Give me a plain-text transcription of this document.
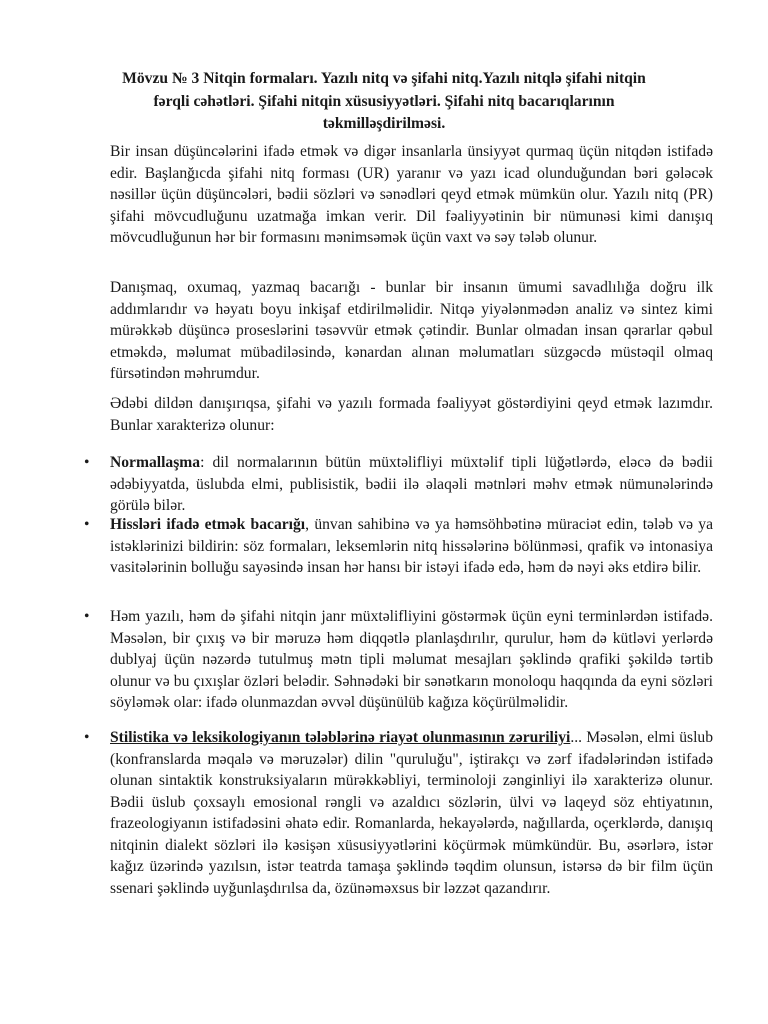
Mövzu № 3 Nitqin formaları. Yazılı nitq və şifahi nitq.Yazılı nitqlə şifahi nitqin fərqli cəhətləri. Şifahi nitqin xüsusiyyətləri. Şifahi nitq bacarıqlarının təkmilləşdirilməsi.

Bir insan düşüncələrini ifadə etmək və digər insanlarla ünsiyyət qurmaq üçün nitqdən istifadə edir. Başlanğıcda şifahi nitq forması (UR) yaranır və yazı icad olunduğundan bəri gələcək nəsillər üçün düşüncələri, bədii sözləri və sənədləri qeyd etmək mümkün olur. Yazılı nitq (PR) şifahi mövcudluğunu uzatmağa imkan verir. Dil fəaliyyətinin bir nümunəsi kimi danışıq mövcudluğunun hər bir formasını mənimsəmək üçün vaxt və səy tələb olunur.

Danışmaq, oxumaq, yazmaq bacarığı - bunlar bir insanın ümumi savadlılığa doğru ilk addımlarıdır və həyatı boyu inkişaf etdirilməlidir. Nitqə yiyələnmədən analiz və sintez kimi mürəkkəb düşüncə proseslərini təsəvvür etmək çətindir. Bunlar olmadan insan qərarlar qəbul etməkdə, məlumat mübadiləsində, kənardan alınan məlumatları süzgəcdə müstəqil olmaq fürsətindən məhrumdur.

Ədəbi dildən danışırıqsa, şifahi və yazılı formada fəaliyyət göstərdiyini qeyd etmək lazımdır. Bunlar xarakterizə olunur:

• Normallaşma: dil normalarının bütün müxtəlifliyi müxtəlif tipli lüğətlərdə, eləcə də bədii ədəbiyyatda, üslubda elmi, publisistik, bədii ilə əlaqəli mətnləri məhv etmək nümunələrində görülə bilər.
• Hissləri ifadə etmək bacarığı, ünvan sahibinə və ya həmsöhbətinə müraciət edin, tələb və ya istəklərinizi bildirin: söz formaları, leksemlərin nitq hissələrinə bölünməsi, qrafik və intonasiya vasitələrinin bolluğu sayəsində insan hər hansı bir istəyi ifadə edə, həm də nəyi əks etdirə bilir.
• Həm yazılı, həm də şifahi nitqin janr müxtəlifliyini göstərmək üçün eyni terminlərdən istifadə. Məsələn, bir çıxış və bir məruzə həm diqqətlə planlaşdırılır, qurulur, həm də kütləvi yerlərdə dublyaj üçün nəzərdə tutulmuş mətn tipli məlumat mesajları şəklində qrafiki şəkildə tərtib olunur və bu çıxışlar özləri belədir. Səhnədəki bir sənətkarın monoloqu haqqında da eyni sözləri söyləmək olar: ifadə olunmazdan əvvəl düşünülüb kağıza köçürülməlidir.
• Stilistika və leksikologiyanın tələblərinə riayət olunmasının zəruriliyi... Məsələn, elmi üslub (konfranslarda məqalə və məruzələr) dilin "quruluğu", iştirakçı və zərf ifadələrindən istifadə olunan sintaktik konstruksiyaların mürəkkəbliyi, terminoloji zənginliyi ilə xarakterizə olunur. Bədii üslub çoxsaylı emosional rəngli və azaldıcı sözlərin, ülvi və laqeyd söz ehtiyatının, frazeologiyanın istifadəsini əhatə edir. Romanlarda, hekayələrdə, nağıllarda, oçerklərdə, danışıq nitqinin dialekt sözləri ilə kəsişən xüsusiyyətlərini köçürmək mümkündür. Bu, əsərlərə, istər kağız üzərində yazılsın, istər teatrda tamaşa şəklində təqdim olunsun, istərsə də bir film üçün ssenari şəklində uyğunlaşdırılsa da, özünəməxsus bir ləzzət qazandırır.
